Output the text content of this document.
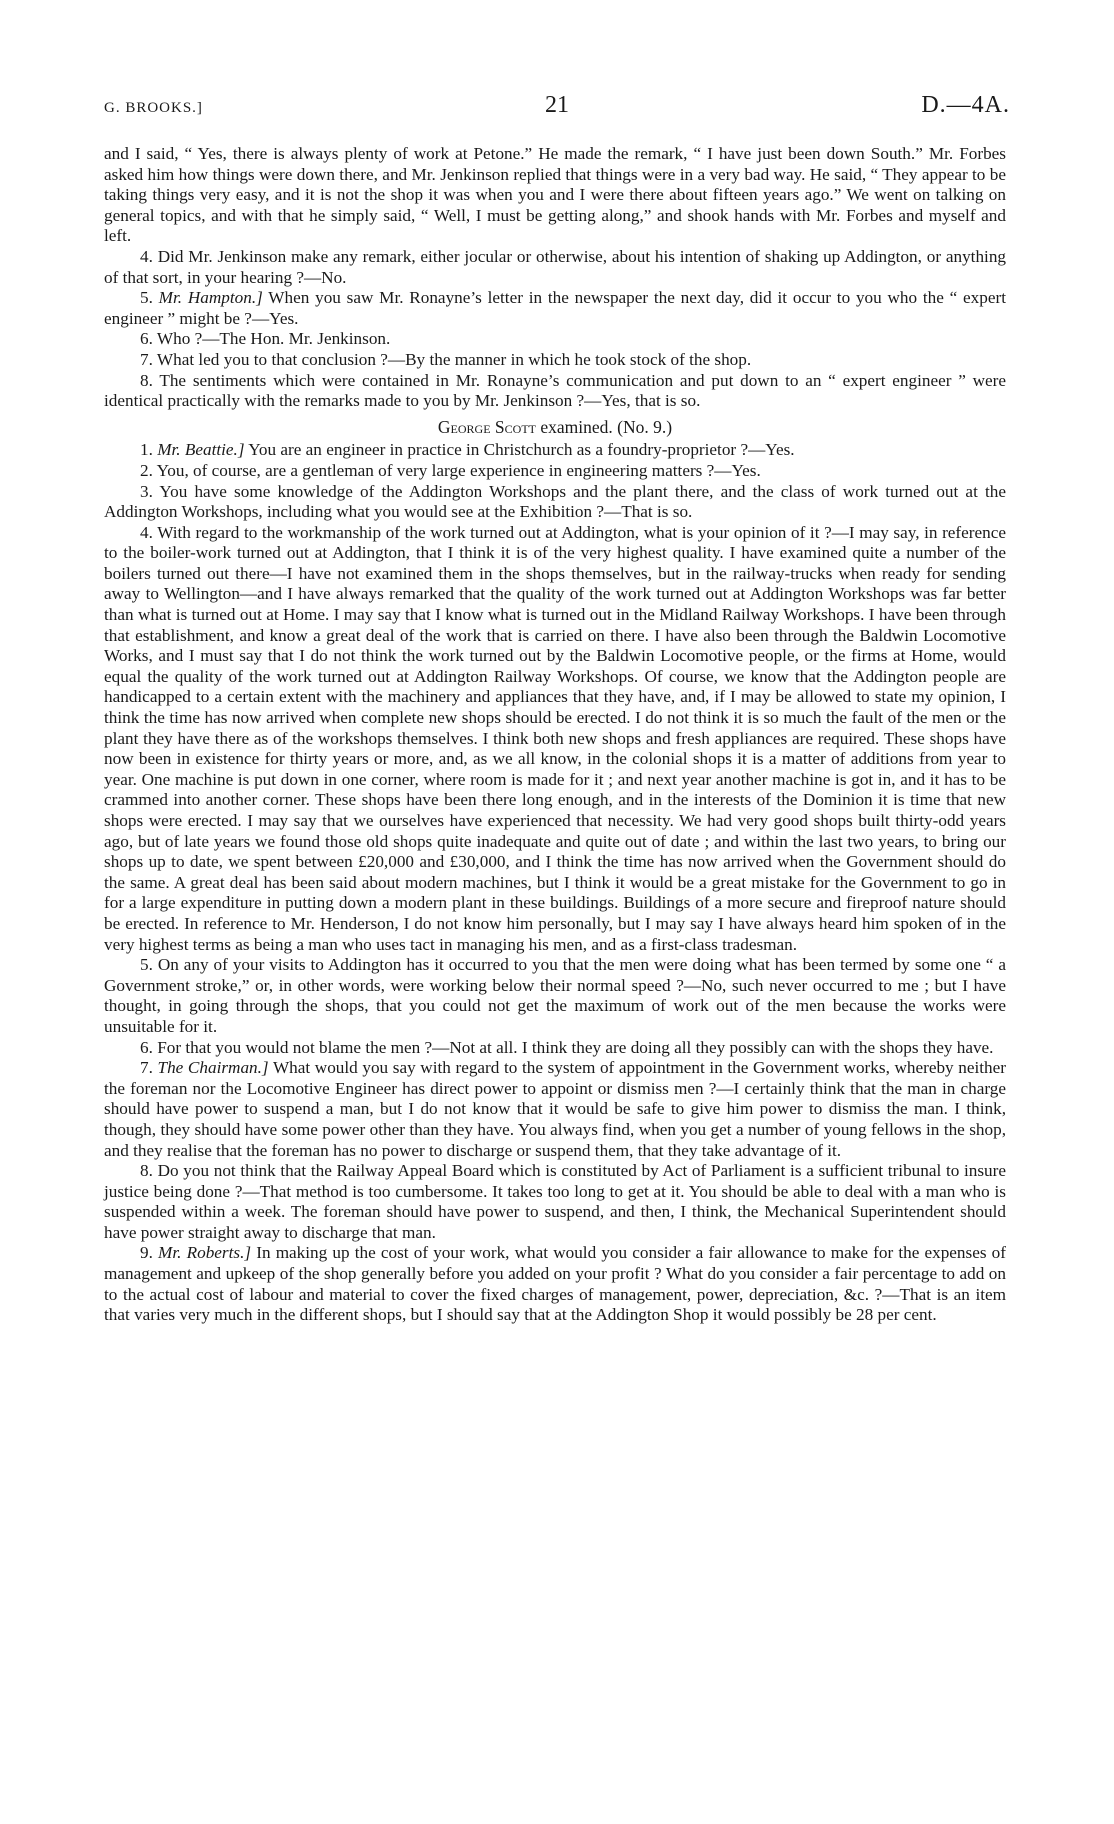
G. BROOKS.]	21	D.—4A.

and I said, “ Yes, there is always plenty of work at Petone.” He made the remark, “ I have just been down South.” Mr. Forbes asked him how things were down there, and Mr. Jenkinson replied that things were in a very bad way. He said, “ They appear to be taking things very easy, and it is not the shop it was when you and I were there about fifteen years ago.” We went on talking on general topics, and with that he simply said, “ Well, I must be getting along,” and shook hands with Mr. Forbes and myself and left.

4. Did Mr. Jenkinson make any remark, either jocular or otherwise, about his intention of shaking up Addington, or anything of that sort, in your hearing ?—No.

5. Mr. Hampton.] When you saw Mr. Ronayne’s letter in the newspaper the next day, did it occur to you who the “ expert engineer ” might be ?—Yes.

6. Who ?—The Hon. Mr. Jenkinson.

7. What led you to that conclusion ?—By the manner in which he took stock of the shop.

8. The sentiments which were contained in Mr. Ronayne’s communication and put down to an “ expert engineer ” were identical practically with the remarks made to you by Mr. Jenkinson ?—Yes, that is so.

George Scott examined. (No. 9.)

1. Mr. Beattie.] You are an engineer in practice in Christchurch as a foundry-proprietor ?—Yes.

2. You, of course, are a gentleman of very large experience in engineering matters ?—Yes.

3. You have some knowledge of the Addington Workshops and the plant there, and the class of work turned out at the Addington Workshops, including what you would see at the Exhibition ?—That is so.

4. With regard to the workmanship of the work turned out at Addington, what is your opinion of it ?—I may say, in reference to the boiler-work turned out at Addington, that I think it is of the very highest quality. I have examined quite a number of the boilers turned out there—I have not examined them in the shops themselves, but in the railway-trucks when ready for sending away to Wellington—and I have always remarked that the quality of the work turned out at Addington Workshops was far better than what is turned out at Home. I may say that I know what is turned out in the Midland Railway Workshops. I have been through that establishment, and know a great deal of the work that is carried on there. I have also been through the Baldwin Locomotive Works, and I must say that I do not think the work turned out by the Baldwin Locomotive people, or the firms at Home, would equal the quality of the work turned out at Addington Railway Workshops. Of course, we know that the Addington people are handicapped to a certain extent with the machinery and appliances that they have, and, if I may be allowed to state my opinion, I think the time has now arrived when complete new shops should be erected. I do not think it is so much the fault of the men or the plant they have there as of the workshops themselves. I think both new shops and fresh appliances are required. These shops have now been in existence for thirty years or more, and, as we all know, in the colonial shops it is a matter of additions from year to year. One machine is put down in one corner, where room is made for it ; and next year another machine is got in, and it has to be crammed into another corner. These shops have been there long enough, and in the interests of the Dominion it is time that new shops were erected. I may say that we ourselves have experienced that necessity. We had very good shops built thirty-odd years ago, but of late years we found those old shops quite inadequate and quite out of date ; and within the last two years, to bring our shops up to date, we spent between £20,000 and £30,000, and I think the time has now arrived when the Government should do the same. A great deal has been said about modern machines, but I think it would be a great mistake for the Government to go in for a large expenditure in putting down a modern plant in these buildings. Buildings of a more secure and fireproof nature should be erected. In reference to Mr. Henderson, I do not know him personally, but I may say I have always heard him spoken of in the very highest terms as being a man who uses tact in managing his men, and as a first-class tradesman.

5. On any of your visits to Addington has it occurred to you that the men were doing what has been termed by some one “ a Government stroke,” or, in other words, were working below their normal speed ?—No, such never occurred to me ; but I have thought, in going through the shops, that you could not get the maximum of work out of the men because the works were unsuitable for it.

6. For that you would not blame the men ?—Not at all. I think they are doing all they possibly can with the shops they have.

7. The Chairman.] What would you say with regard to the system of appointment in the Government works, whereby neither the foreman nor the Locomotive Engineer has direct power to appoint or dismiss men ?—I certainly think that the man in charge should have power to suspend a man, but I do not know that it would be safe to give him power to dismiss the man. I think, though, they should have some power other than they have. You always find, when you get a number of young fellows in the shop, and they realise that the foreman has no power to discharge or suspend them, that they take advantage of it.

8. Do you not think that the Railway Appeal Board which is constituted by Act of Parliament is a sufficient tribunal to insure justice being done ?—That method is too cumbersome. It takes too long to get at it. You should be able to deal with a man who is suspended within a week. The foreman should have power to suspend, and then, I think, the Mechanical Superintendent should have power straight away to discharge that man.

9. Mr. Roberts.] In making up the cost of your work, what would you consider a fair allowance to make for the expenses of management and upkeep of the shop generally before you added on your profit ? What do you consider a fair percentage to add on to the actual cost of labour and material to cover the fixed charges of management, power, depreciation, &c. ?—That is an item that varies very much in the different shops, but I should say that at the Addington Shop it would possibly be 28 per cent.
